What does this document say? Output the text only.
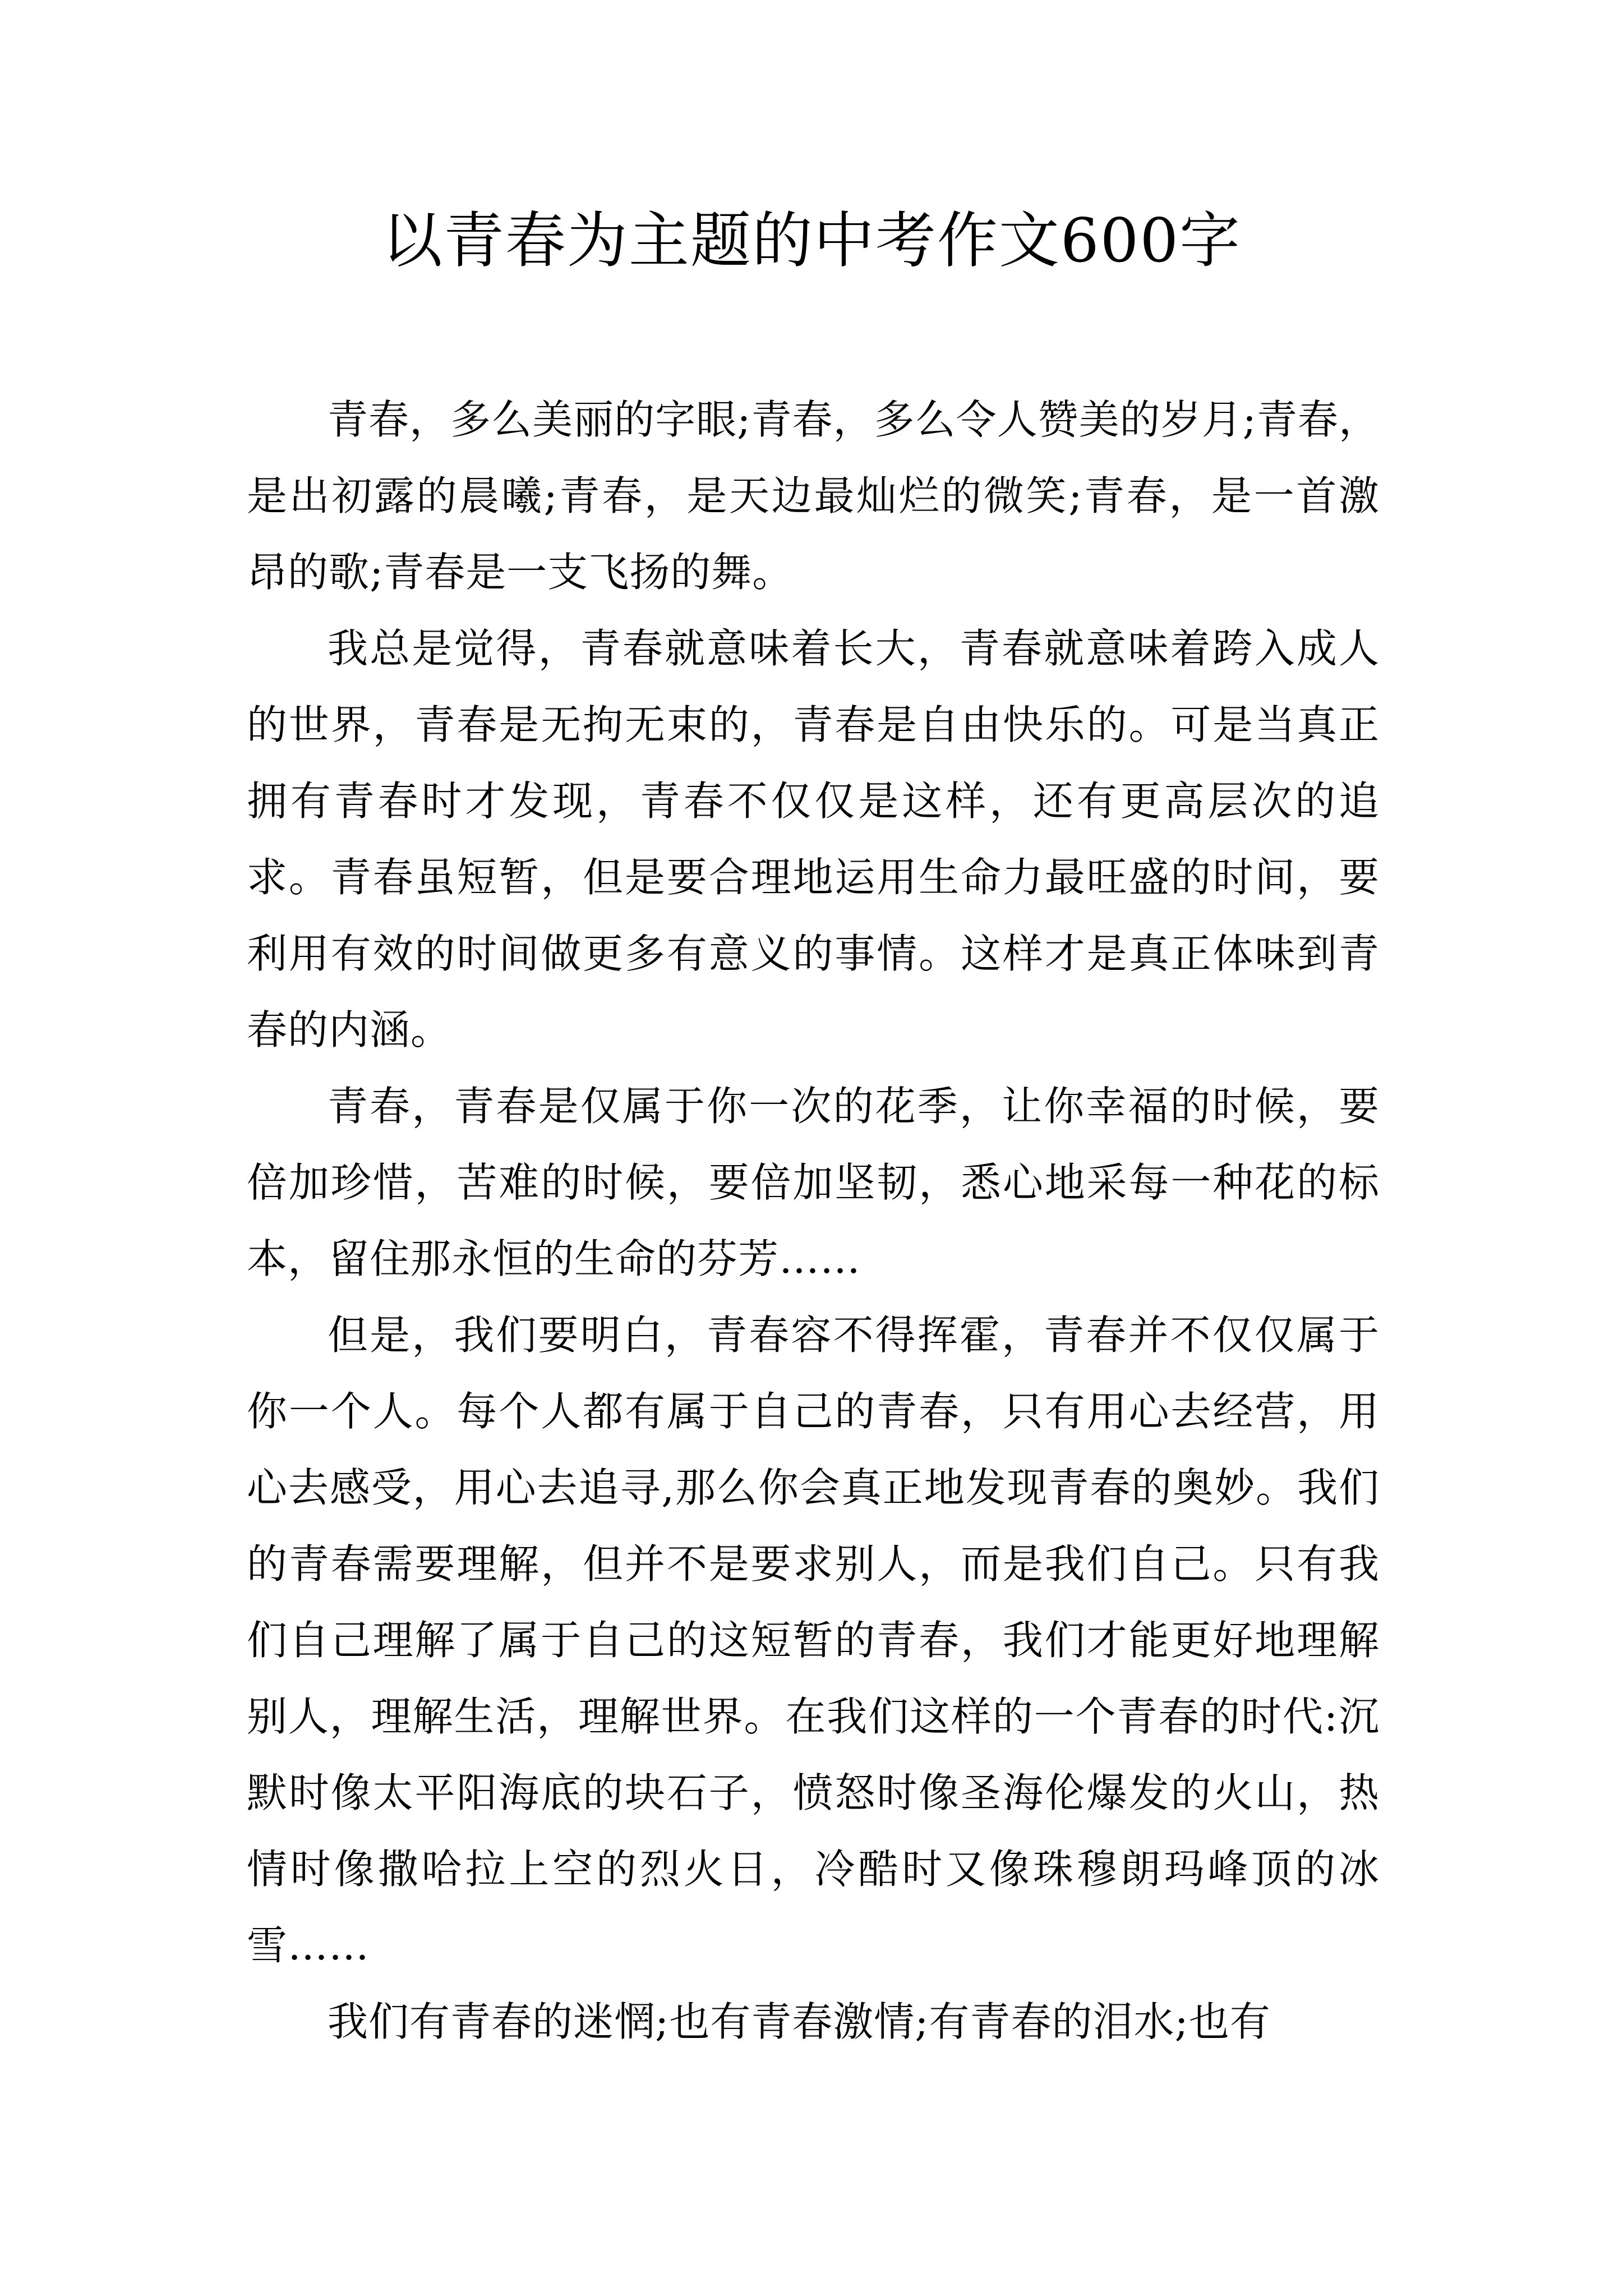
以青春为主题的中考作文600字

青春，多么美丽的字眼;青春，多么令人赞美的岁月;青春，是出初露的晨曦;青春，是天边最灿烂的微笑;青春，是一首激昂的歌;青春是一支飞扬的舞。

我总是觉得，青春就意味着长大，青春就意味着跨入成人的世界，青春是无拘无束的，青春是自由快乐的。可是当真正拥有青春时才发现，青春不仅仅是这样，还有更高层次的追求。青春虽短暂，但是要合理地运用生命力最旺盛的时间，要利用有效的时间做更多有意义的事情。这样才是真正体味到青春的内涵。

青春，青春是仅属于你一次的花季，让你幸福的时候，要倍加珍惜，苦难的时候，要倍加坚韧，悉心地采每一种花的标本，留住那永恒的生命的芬芳……

但是，我们要明白，青春容不得挥霍，青春并不仅仅属于你一个人。每个人都有属于自己的青春，只有用心去经营，用心去感受，用心去追寻,那么你会真正地发现青春的奥妙。我们的青春需要理解，但并不是要求别人，而是我们自己。只有我们自己理解了属于自己的这短暂的青春，我们才能更好地理解别人，理解生活，理解世界。在我们这样的一个青春的时代:沉默时像太平阳海底的块石子，愤怒时像圣海伦爆发的火山，热情时像撒哈拉上空的烈火日，冷酷时又像珠穆朗玛峰顶的冰雪……

我们有青春的迷惘;也有青春激情;有青春的泪水;也有
